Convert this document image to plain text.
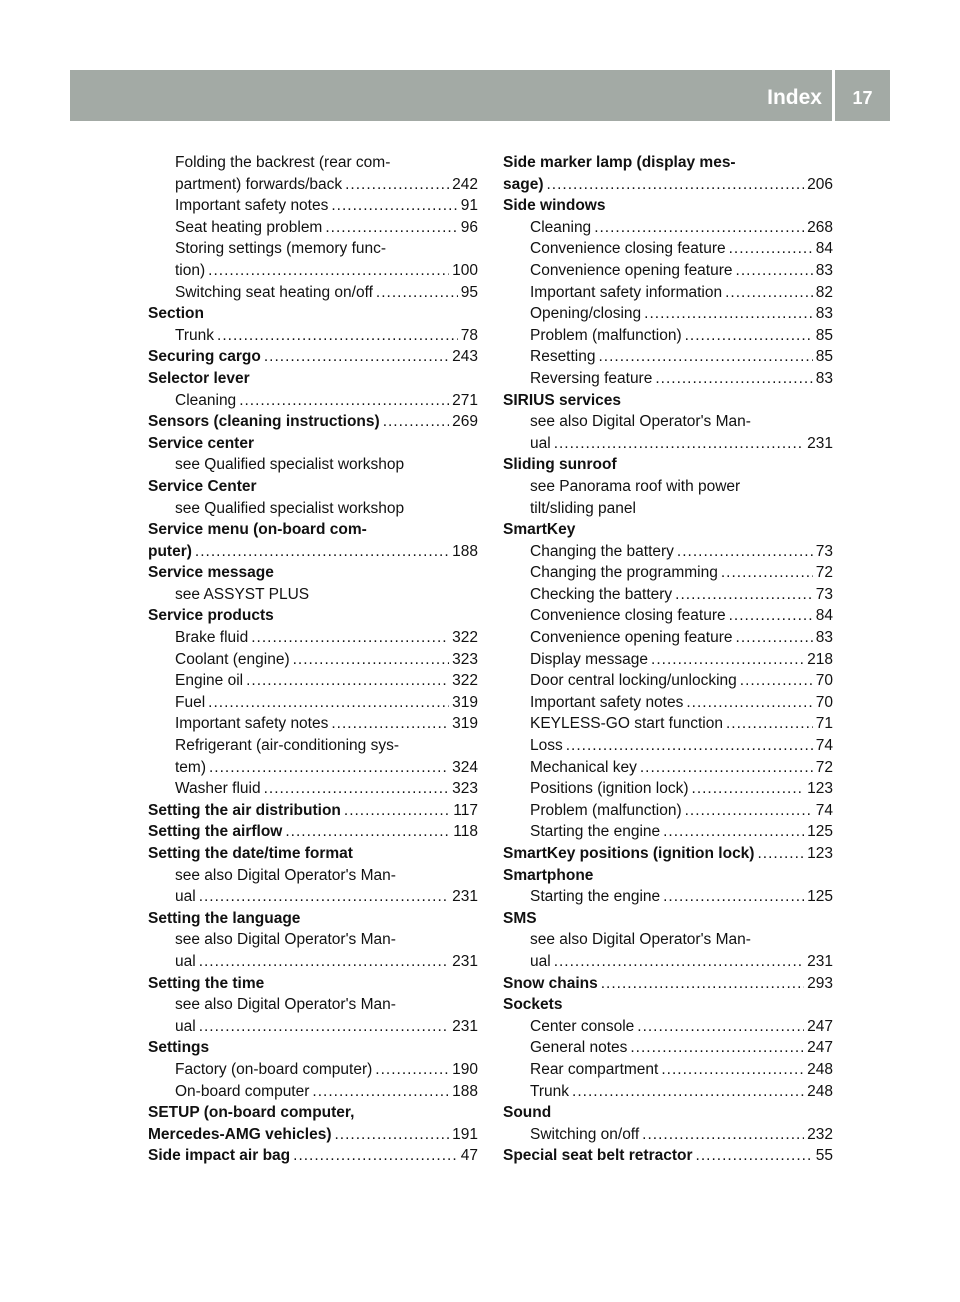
Index	17
Folding the backrest (rear com-
partment) forwards/back .....	242
Important safety notes .....	91
Seat heating problem .....	96
Storing settings (memory func-
tion) .....	100
Switching seat heating on/off .....	95
Section
Trunk .....	78
Securing cargo .....	243
Selector lever
Cleaning .....	271
Sensors (cleaning instructions) .....	269
Service center
see Qualified specialist workshop
Service Center
see Qualified specialist workshop
Service menu (on-board com-
puter) .....	188
Service message
see ASSYST PLUS
Service products
Brake fluid .....	322
Coolant (engine) .....	323
Engine oil .....	322
Fuel .....	319
Important safety notes .....	319
Refrigerant (air-conditioning sys-
tem) .....	324
Washer fluid .....	323
Setting the air distribution .....	117
Setting the airflow .....	118
Setting the date/time format
see also Digital Operator's Man-
ual .....	231
Setting the language
see also Digital Operator's Man-
ual .....	231
Setting the time
see also Digital Operator's Man-
ual .....	231
Settings
Factory (on-board computer) .....	190
On-board computer .....	188
SETUP (on-board computer,
Mercedes-AMG vehicles) .....	191
Side impact air bag .....	47
Side marker lamp (display mes-
sage) .....	206
Side windows
Cleaning .....	268
Convenience closing feature .....	84
Convenience opening feature .....	83
Important safety information .....	82
Opening/closing .....	83
Problem (malfunction) .....	85
Resetting .....	85
Reversing feature .....	83
SIRIUS services
see also Digital Operator's Man-
ual .....	231
Sliding sunroof
see Panorama roof with power
tilt/sliding panel
SmartKey
Changing the battery .....	73
Changing the programming .....	72
Checking the battery .....	73
Convenience closing feature .....	84
Convenience opening feature .....	83
Display message .....	218
Door central locking/unlocking .....	70
Important safety notes .....	70
KEYLESS-GO start function .....	71
Loss .....	74
Mechanical key .....	72
Positions (ignition lock) .....	123
Problem (malfunction) .....	74
Starting the engine .....	125
SmartKey positions (ignition lock) .....	123
Smartphone
Starting the engine .....	125
SMS
see also Digital Operator's Man-
ual .....	231
Snow chains .....	293
Sockets
Center console .....	247
General notes .....	247
Rear compartment .....	248
Trunk .....	248
Sound
Switching on/off .....	232
Special seat belt retractor .....	55
